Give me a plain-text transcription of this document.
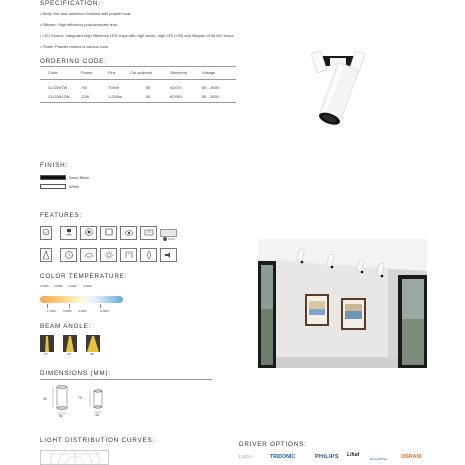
SPECIFICATION:
• Body: Die-cast aluminum finished with powder coat.
• Diffuser: High efficiency polycarbonate lens.
• LED Source: Integrated high efficiency LED chips with high lumen, high CRI (>90) and lifespan of 50,000 hours.
• Finish: Powder coated in various color.
ORDERING CODE:
Code	Power	Flux	Cut out(mm)	Size(mm)	Voltage
CLG0N7W	7W	700lm	55	45X70	85 - 265V
CLG0N12W	12W	1,200lm	55	60X90	85 - 265V
FINISH:
Sand Black
White
FEATURES:
COLOR TEMPERATURE:
2,200K 2,800K 3,200K 3,800K
2,700K	3,000K 4,200K	6,000K
BEAM ANGLE:
15°	24°	36°
DIMENSIONS (MM):
90
60
70
45
LIGHT DISTRIBUTION CURVES:
DRIVER OPTIONS:
LUCA	TRIDONIC	PHILIPS Lifud
EAGLERISE	OSRAM
